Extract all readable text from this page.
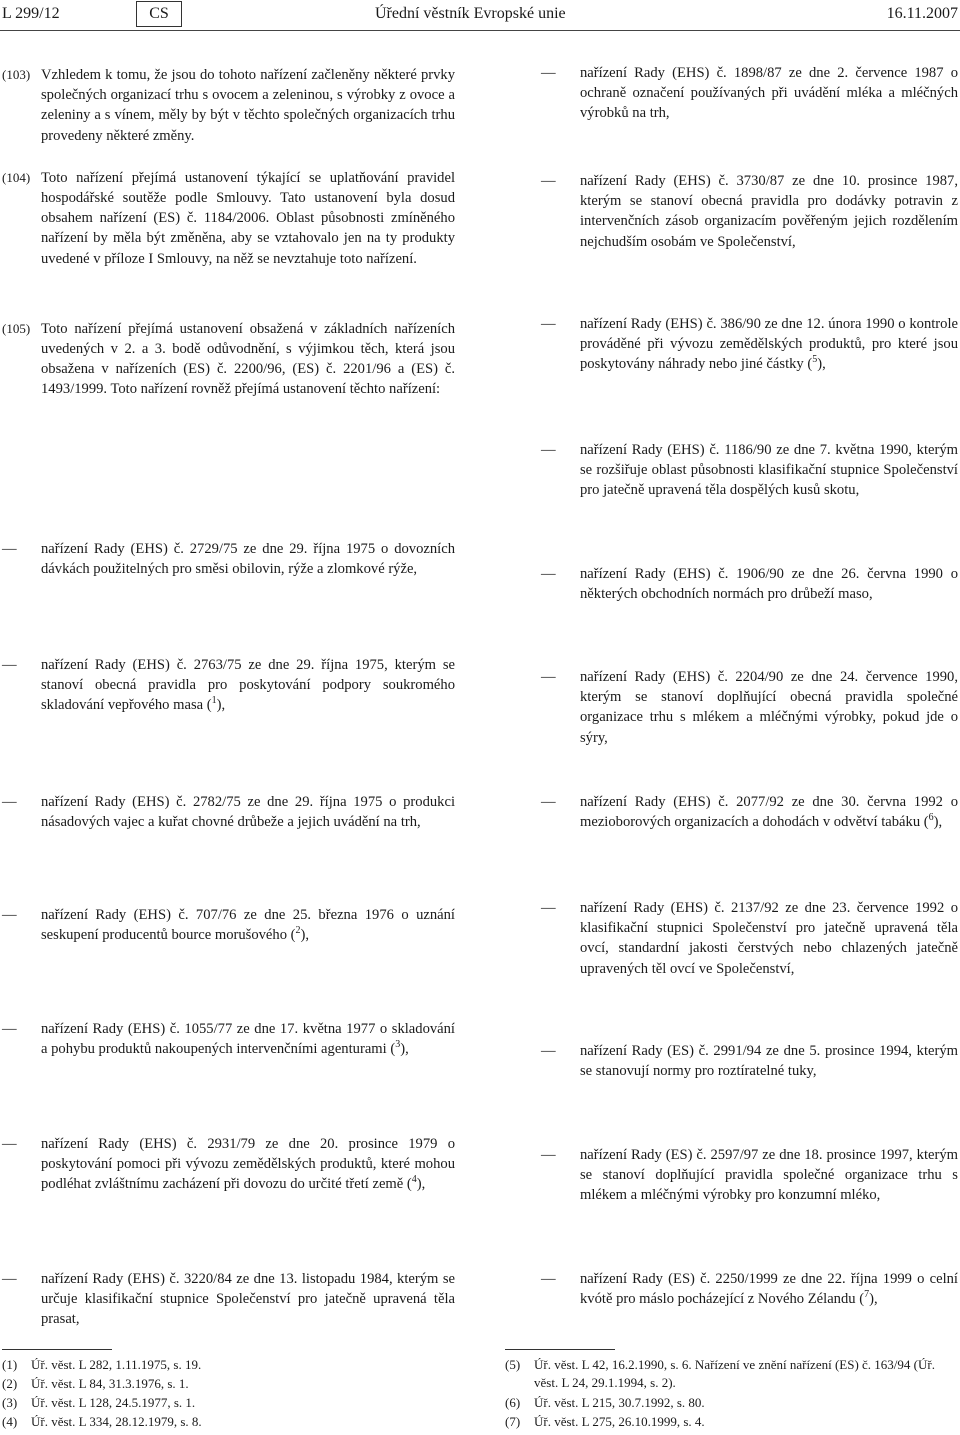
L 299/12	CS	Úřední věstník Evropské unie	16.11.2007
(103) Vzhledem k tomu, že jsou do tohoto nařízení začleněny některé prvky společných organizací trhu s ovocem a zeleninou, s výrobky z ovoce a zeleniny a s vínem, měly by být v těchto společných organizacích trhu provedeny některé změny.
(104) Toto nařízení přejímá ustanovení týkající se uplatňování pravidel hospodářské soutěže podle Smlouvy. Tato ustanovení byla dosud obsahem nařízení (ES) č. 1184/2006. Oblast působnosti zmíněného nařízení by měla být změněna, aby se vztahovalo jen na ty produkty uvedené v příloze I Smlouvy, na něž se nevztahuje toto nařízení.
(105) Toto nařízení přejímá ustanovení obsažená v základních nařízeních uvedených v 2. a 3. bodě odůvodnění, s výjimkou těch, která jsou obsažena v nařízeních (ES) č. 2200/96, (ES) č. 2201/96 a (ES) č. 1493/1999. Toto nařízení rovněž přejímá ustanovení těchto nařízení:
—	nařízení Rady (EHS) č. 2729/75 ze dne 29. října 1975 o dovozních dávkách použitelných pro směsi obilovin, rýže a zlomkové rýže,
—	nařízení Rady (EHS) č. 2763/75 ze dne 29. října 1975, kterým se stanoví obecná pravidla pro poskytování podpory soukromého skladování vepřového masa ($^1$),
—	nařízení Rady (EHS) č. 2782/75 ze dne 29. října 1975 o produkci násadových vajec a kuřat chovné drůbeže a jejich uvádění na trh,
—	nařízení Rady (EHS) č. 707/76 ze dne 25. března 1976 o uznání seskupení producentů bource morušového ($^2$),
—	nařízení Rady (EHS) č. 1055/77 ze dne 17. května 1977 o skladování a pohybu produktů nakoupených intervenčními agenturami ($^3$),
—	nařízení Rady (EHS) č. 2931/79 ze dne 20. prosince 1979 o poskytování pomoci při vývozu zemědělských produktů, které mohou podléhat zvláštnímu zacházení při dovozu do určité třetí země ($^4$),
—	nařízení Rady (EHS) č. 3220/84 ze dne 13. listopadu 1984, kterým se určuje klasifikační stupnice Společenství pro jatečně upravená těla prasat,
—	nařízení Rady (EHS) č. 1898/87 ze dne 2. července 1987 o ochraně označení používaných při uvádění mléka a mléčných výrobků na trh,
—	nařízení Rady (EHS) č. 3730/87 ze dne 10. prosince 1987, kterým se stanoví obecná pravidla pro dodávky potravin z intervenčních zásob organizacím pověřeným jejich rozdělením nejchudším osobám ve Společenství,
—	nařízení Rady (EHS) č. 386/90 ze dne 12. února 1990 o kontrole prováděné při vývozu zemědělských produktů, pro které jsou poskytovány náhrady nebo jiné částky ($^5$),
—	nařízení Rady (EHS) č. 1186/90 ze dne 7. května 1990, kterým se rozšiřuje oblast působnosti klasifikační stupnice Společenství pro jatečně upravená těla dospělých kusů skotu,
—	nařízení Rady (EHS) č. 1906/90 ze dne 26. června 1990 o některých obchodních normách pro drůbeží maso,
—	nařízení Rady (EHS) č. 2204/90 ze dne 24. července 1990, kterým se stanoví doplňující obecná pravidla společné organizace trhu s mlékem a mléčnými výrobky, pokud jde o sýry,
—	nařízení Rady (EHS) č. 2077/92 ze dne 30. června 1992 o mezioborových organizacích a dohodách v odvětví tabáku ($^6$),
—	nařízení Rady (EHS) č. 2137/92 ze dne 23. července 1992 o klasifikační stupnici Společenství pro jatečně upravená těla ovcí, standardní jakosti čerstvých nebo chlazených jatečně upravených těl ovcí ve Společenství,
—	nařízení Rady (ES) č. 2991/94 ze dne 5. prosince 1994, kterým se stanovují normy pro roztíratelné tuky,
—	nařízení Rady (ES) č. 2597/97 ze dne 18. prosince 1997, kterým se stanoví doplňující pravidla společné organizace trhu s mlékem a mléčnými výrobky pro konzumní mléko,
—	nařízení Rady (ES) č. 2250/1999 ze dne 22. října 1999 o celní kvótě pro máslo pocházející z Nového Zélandu ($^7$),
(1)	Úř. věst. L 282, 1.11.1975, s. 19.
(2)	Úř. věst. L 84, 31.3.1976, s. 1.
(3)	Úř. věst. L 128, 24.5.1977, s. 1.
(4)	Úř. věst. L 334, 28.12.1979, s. 8.
(5)	Úř. věst. L 42, 16.2.1990, s. 6. Nařízení ve znění nařízení (ES) č. 163/94 (Úř. věst. L 24, 29.1.1994, s. 2).
(6)	Úř. věst. L 215, 30.7.1992, s. 80.
(7)	Úř. věst. L 275, 26.10.1999, s. 4.
